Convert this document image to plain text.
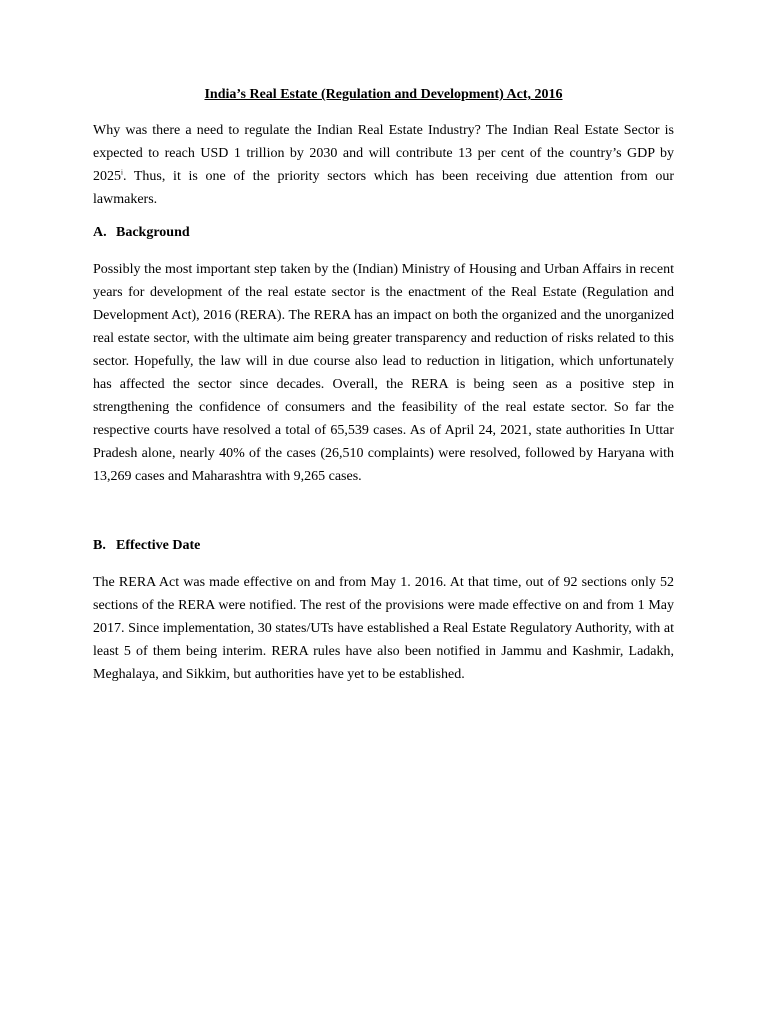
India’s Real Estate (Regulation and Development) Act, 2016

Why was there a need to regulate the Indian Real Estate Industry? The Indian Real Estate Sector is expected to reach USD 1 trillion by 2030 and will contribute 13 per cent of the country’s GDP by 2025$^i$. Thus, it is one of the priority sectors which has been receiving due attention from our lawmakers.

A. Background

Possibly the most important step taken by the (Indian) Ministry of Housing and Urban Affairs in recent years for development of the real estate sector is the enactment of the Real Estate (Regulation and Development Act), 2016 (RERA). The RERA has an impact on both the organized and the unorganized real estate sector, with the ultimate aim being greater transparency and reduction of risks related to this sector. Hopefully, the law will in due course also lead to reduction in litigation, which unfortunately has affected the sector since decades. Overall, the RERA is being seen as a positive step in strengthening the confidence of consumers and the feasibility of the real estate sector. So far the respective courts have resolved a total of 65,539 cases. As of April 24, 2021, state authorities In Uttar Pradesh alone, nearly 40% of the cases (26,510 complaints) were resolved, followed by Haryana with 13,269 cases and Maharashtra with 9,265 cases.

B. Effective Date

The RERA Act was made effective on and from May 1. 2016. At that time, out of 92 sections only 52 sections of the RERA were notified. The rest of the provisions were made effective on and from 1 May 2017. Since implementation, 30 states/UTs have established a Real Estate Regulatory Authority, with at least 5 of them being interim. RERA rules have also been notified in Jammu and Kashmir, Ladakh, Meghalaya, and Sikkim, but authorities have yet to be established.
